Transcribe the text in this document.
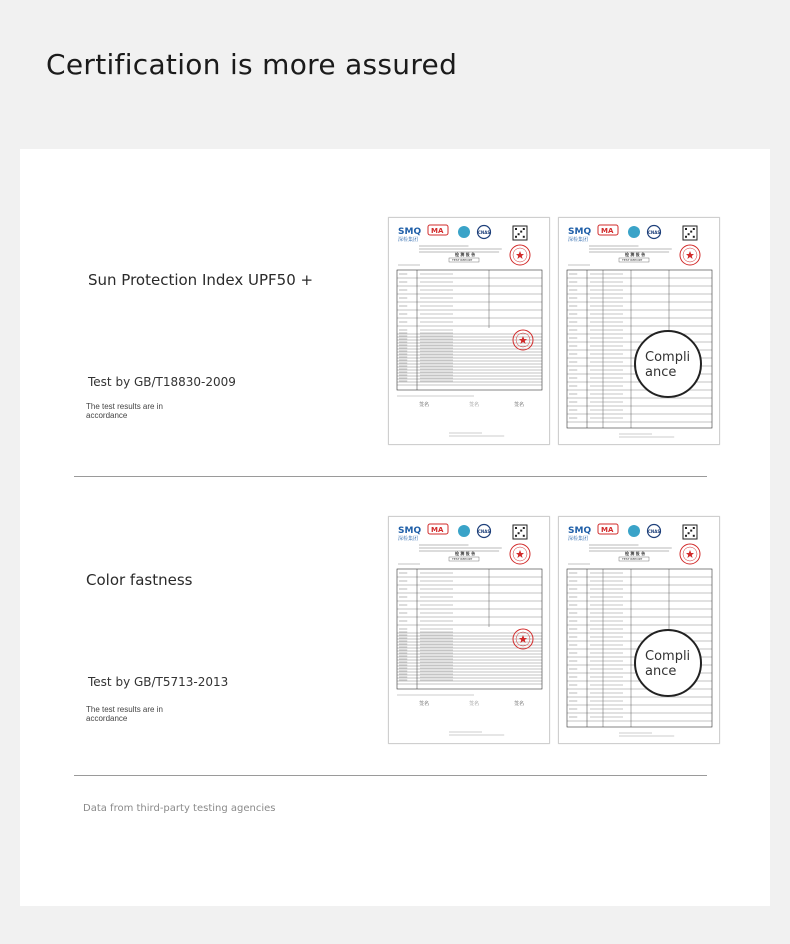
Certification is more assured
Sun Protection Index UPF50 +
Test by GB/T18830-2009
The test results are in accordance
SMQ
深检集团
MA	CNAS
检 测 报 告
TEST REPORT
签名	签名	签名
SMQ
深检集团
MA	CNAS
检 测 报 告
TEST REPORT
Compli ance
Color fastness
Test by GB/T5713-2013
The test results are in accordance
SMQ
深检集团
MA	CNAS
检 测 报 告
TEST REPORT
签名	签名	签名
SMQ
深检集团
MA	CNAS
检 测 报 告
TEST REPORT
Compli ance
Data from third-party testing agencies
